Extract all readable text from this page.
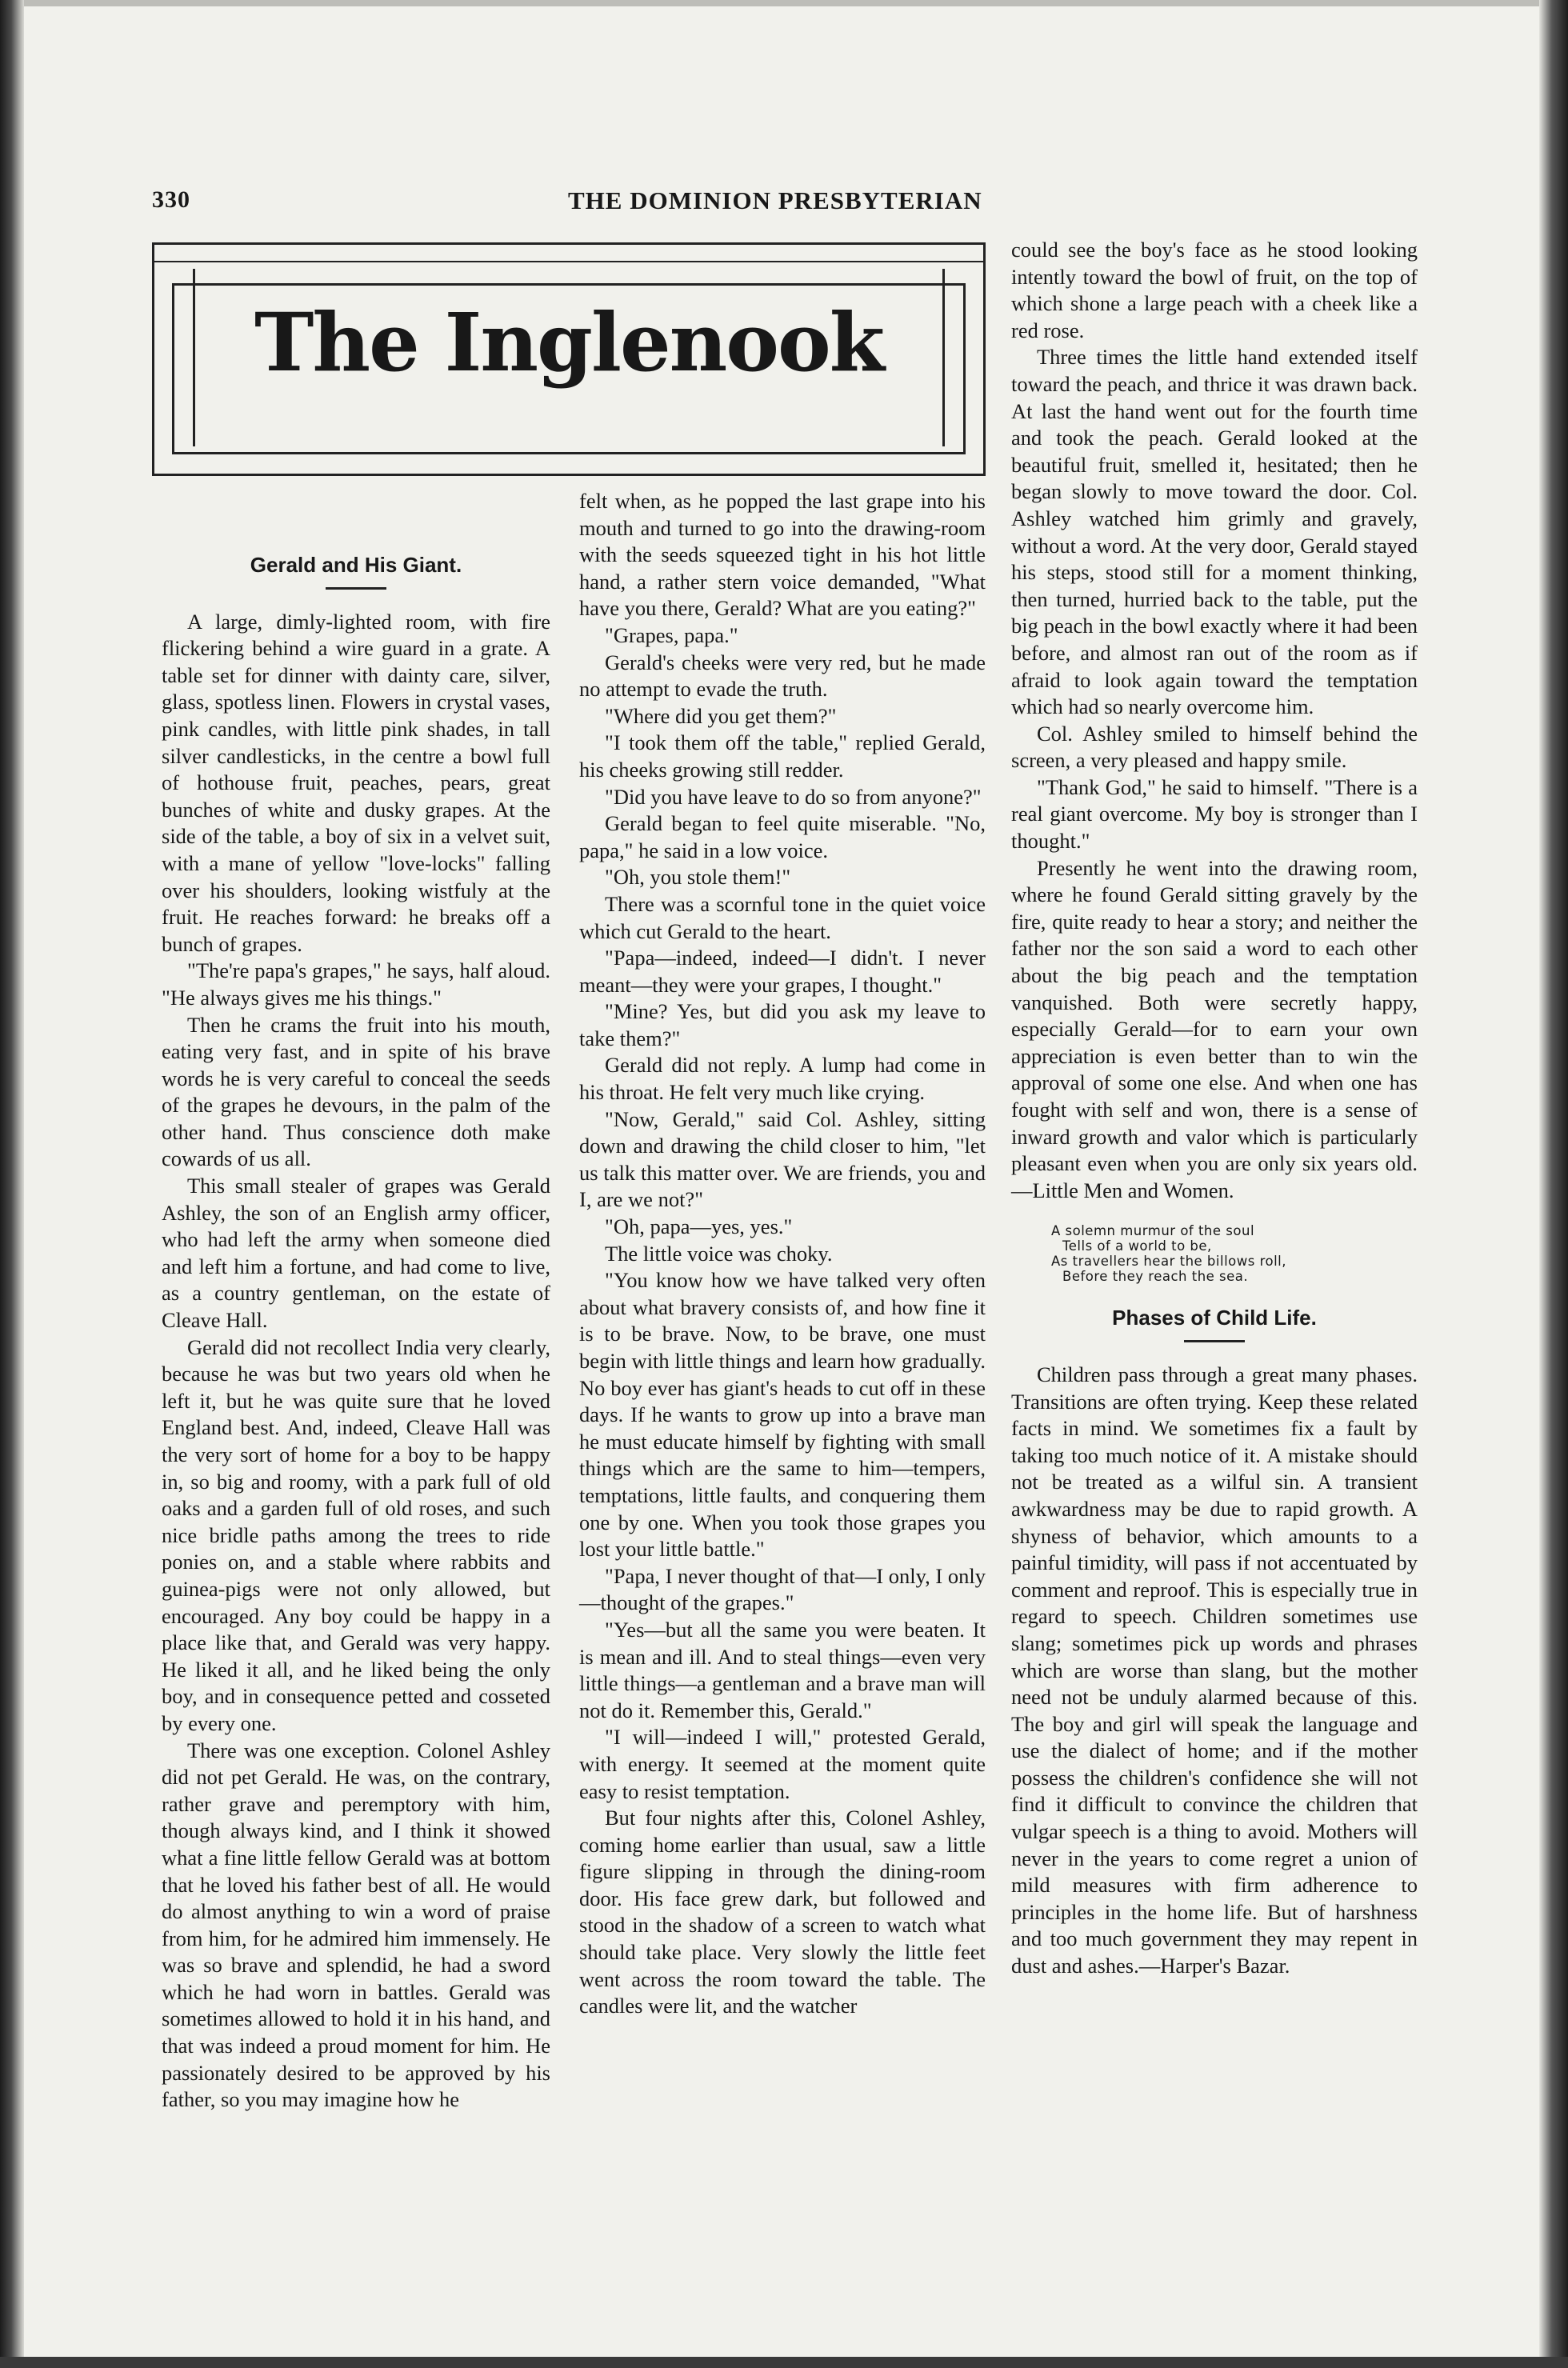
330	THE DOMINION PRESBYTERIAN
The Inglenook
Gerald and His Giant.

A large, dimly-lighted room, with fire flickering behind a wire guard in a grate. A table set for dinner with dainty care, silver, glass, spotless linen. Flowers in crystal vases, pink candles, with little pink shades, in tall silver candlesticks, in the centre a bowl full of hothouse fruit, peaches, pears, great bunches of white and dusky grapes. At the side of the table, a boy of six in a velvet suit, with a mane of yellow "love-locks" falling over his shoulders, looking wistfuly at the fruit. He reaches forward: he breaks off a bunch of grapes.

"The're papa's grapes," he says, half aloud. "He always gives me his things."

Then he crams the fruit into his mouth, eating very fast, and in spite of his brave words he is very careful to conceal the seeds of the grapes he devours, in the palm of the other hand. Thus conscience doth make cowards of us all.

This small stealer of grapes was Gerald Ashley, the son of an English army officer, who had left the army when someone died and left him a fortune, and had come to live, as a country gentleman, on the estate of Cleave Hall.

Gerald did not recollect India very clearly, because he was but two years old when he left it, but he was quite sure that he loved England best. And, indeed, Cleave Hall was the very sort of home for a boy to be happy in, so big and roomy, with a park full of old oaks and a garden full of old roses, and such nice bridle paths among the trees to ride ponies on, and a stable where rabbits and guinea-pigs were not only allowed, but encouraged. Any boy could be happy in a place like that, and Gerald was very happy. He liked it all, and he liked being the only boy, and in consequence petted and cosseted by every one.

There was one exception. Colonel Ashley did not pet Gerald. He was, on the contrary, rather grave and peremptory with him, though always kind, and I think it showed what a fine little fellow Gerald was at bottom that he loved his father best of all. He would do almost anything to win a word of praise from him, for he admired him immensely. He was so brave and splendid, he had a sword which he had worn in battles. Gerald was sometimes allowed to hold it in his hand, and that was indeed a proud moment for him. He passionately desired to be approved by his father, so you may imagine how he

felt when, as he popped the last grape into his mouth and turned to go into the drawing-room with the seeds squeezed tight in his hot little hand, a rather stern voice demanded, "What have you there, Gerald? What are you eating?"

"Grapes, papa."

Gerald's cheeks were very red, but he made no attempt to evade the truth.

"Where did you get them?"

"I took them off the table," replied Gerald, his cheeks growing still redder.

"Did you have leave to do so from anyone?"

Gerald began to feel quite miserable. "No, papa," he said in a low voice.

"Oh, you stole them!"

There was a scornful tone in the quiet voice which cut Gerald to the heart.

"Papa—indeed, indeed—I didn't. I never meant—they were your grapes, I thought."

"Mine? Yes, but did you ask my leave to take them?"

Gerald did not reply. A lump had come in his throat. He felt very much like crying.

"Now, Gerald," said Col. Ashley, sitting down and drawing the child closer to him, "let us talk this matter over. We are friends, you and I, are we not?"

"Oh, papa—yes, yes."

The little voice was choky.

"You know how we have talked very often about what bravery consists of, and how fine it is to be brave. Now, to be brave, one must begin with little things and learn how gradually. No boy ever has giant's heads to cut off in these days. If he wants to grow up into a brave man he must educate himself by fighting with small things which are the same to him—tempers, temptations, little faults, and conquering them one by one. When you took those grapes you lost your little battle."

"Papa, I never thought of that—I only, I only—thought of the grapes."

"Yes—but all the same you were beaten. It is mean and ill. And to steal things—even very little things—a gentleman and a brave man will not do it. Remember this, Gerald."

"I will—indeed I will," protested Gerald, with energy. It seemed at the moment quite easy to resist temptation.

But four nights after this, Colonel Ashley, coming home earlier than usual, saw a little figure slipping in through the dining-room door. His face grew dark, but followed and stood in the shadow of a screen to watch what should take place. Very slowly the little feet went across the room toward the table. The candles were lit, and the watcher

could see the boy's face as he stood looking intently toward the bowl of fruit, on the top of which shone a large peach with a cheek like a red rose.

Three times the little hand extended itself toward the peach, and thrice it was drawn back. At last the hand went out for the fourth time and took the peach. Gerald looked at the beautiful fruit, smelled it, hesitated; then he began slowly to move toward the door. Col. Ashley watched him grimly and gravely, without a word. At the very door, Gerald stayed his steps, stood still for a moment thinking, then turned, hurried back to the table, put the big peach in the bowl exactly where it had been before, and almost ran out of the room as if afraid to look again toward the temptation which had so nearly overcome him.

Col. Ashley smiled to himself behind the screen, a very pleased and happy smile.

"Thank God," he said to himself. "There is a real giant overcome. My boy is stronger than I thought."

Presently he went into the drawing room, where he found Gerald sitting gravely by the fire, quite ready to hear a story; and neither the father nor the son said a word to each other about the big peach and the temptation vanquished. Both were secretly happy, especially Gerald—for to earn your own appreciation is even better than to win the approval of some one else. And when one has fought with self and won, there is a sense of inward growth and valor which is particularly pleasant even when you are only six years old.—Little Men and Women.

A solemn murmur of the soul
Tells of a world to be,
As travellers hear the billows roll,
Before they reach the sea.
Phases of Child Life.

Children pass through a great many phases. Transitions are often trying. Keep these related facts in mind. We sometimes fix a fault by taking too much notice of it. A mistake should not be treated as a wilful sin. A transient awkwardness may be due to rapid growth. A shyness of behavior, which amounts to a painful timidity, will pass if not accentuated by comment and reproof. This is especially true in regard to speech. Children sometimes use slang; sometimes pick up words and phrases which are worse than slang, but the mother need not be unduly alarmed because of this. The boy and girl will speak the language and use the dialect of home; and if the mother possess the children's confidence she will not find it difficult to convince the children that vulgar speech is a thing to avoid. Mothers will never in the years to come regret a union of mild measures with firm adherence to principles in the home life. But of harshness and too much government they may repent in dust and ashes.—Harper's Bazar.
